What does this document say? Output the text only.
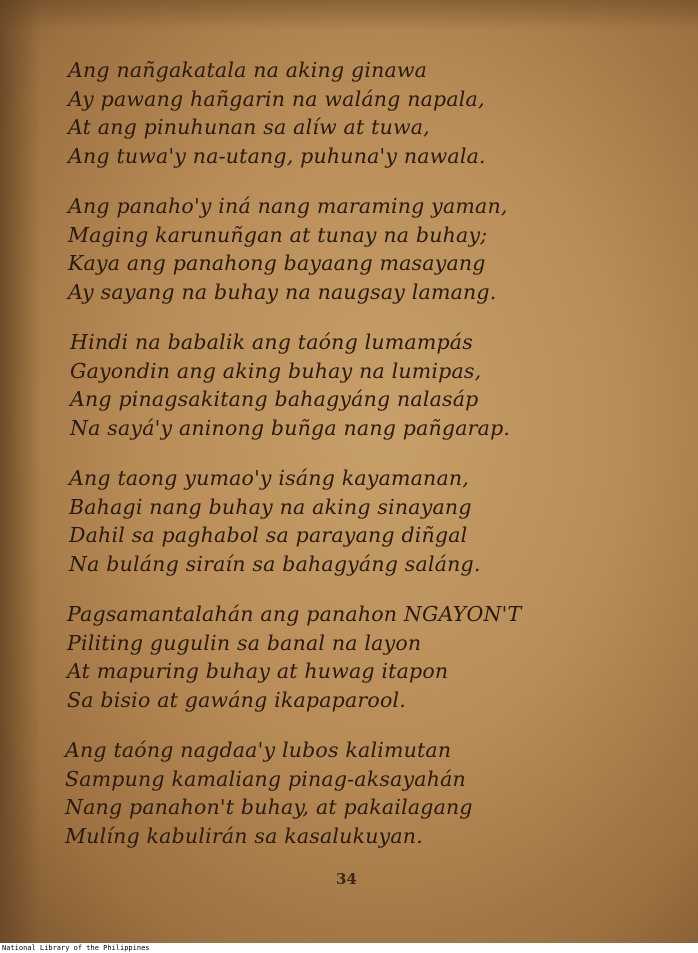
Ang nañgakatala na aking ginawa
Ay pawang hañgarin na waláng napala,
At ang pinuhunan sa alíw at tuwa,
Ang tuwa'y na-utang, puhuna'y nawala.
Ang panaho'y iná nang maraming yaman,
Maging karunuñgan at tunay na buhay;
Kaya ang panahong bayaang masayang
Ay sayang na buhay na naugsay lamang.
Hindi na babalik ang taóng lumampás
Gayondin ang aking buhay na lumipas,
Ang pinagsakitang bahagyáng nalasáp
Na sayá'y aninong buñga nang pañgarap.
Ang taong yumao'y isáng kayamanan,
Bahagi nang buhay na aking sinayang
Dahil sa paghabol sa parayang diñgal
Na buláng siraín sa bahagyáng saláng.
Pagsamantalahán ang panahon NGAYON'T
Piliting gugulin sa banal na layon
At mapuring buhay at huwag itapon
Sa bisio at gawáng ikapaparool.
Ang taóng nagdaa'y lubos kalimutan
Sampung kamaliang pinag-aksayahán
Nang panahon't buhay, at pakailagang
Mulíng kabulirán sa kasalukuyan.
34
National Library of the Philippines
